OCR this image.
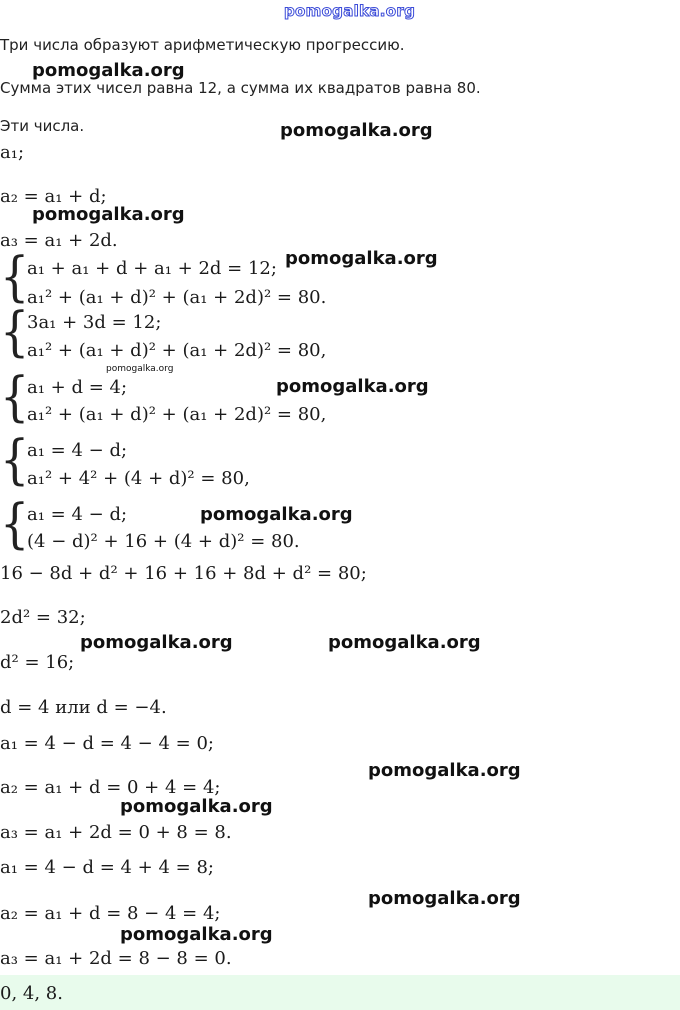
pomogalka.org
Три числа образуют арифметическую прогрессию.
Сумма этих чисел равна 12, а сумма их квадратов равна 80.
Эти числа.
a₁;
a₂ = a₁ + d;
a₃ = a₁ + 2d.
{
a₁ + a₁ + d + a₁ + 2d = 12;
a₁² + (a₁ + d)² + (a₁ + 2d)² = 80.
{
3a₁ + 3d = 12;
a₁² + (a₁ + d)² + (a₁ + 2d)² = 80,
{
a₁ + d = 4;
a₁² + (a₁ + d)² + (a₁ + 2d)² = 80,
{
a₁ = 4 − d;
a₁² + 4² + (4 + d)² = 80,
{
a₁ = 4 − d;
(4 − d)² + 16 + (4 + d)² = 80.
16 − 8d + d² + 16 + 16 + 8d + d² = 80;
2d² = 32;
d² = 16;
d = 4 или d = −4.
a₁ = 4 − d = 4 − 4 = 0;
a₂ = a₁ + d = 0 + 4 = 4;
a₃ = a₁ + 2d = 0 + 8 = 8.
a₁ = 4 − d = 4 + 4 = 8;
a₂ = a₁ + d = 8 − 4 = 4;
a₃ = a₁ + 2d = 8 − 8 = 0.
0, 4, 8.
pomogalka.org
pomogalka.org
pomogalka.org
pomogalka.org
pomogalka.org
pomogalka.org
pomogalka.org
pomogalka.org	pomogalka.org
pomogalka.org
pomogalka.org
pomogalka.org
pomogalka.org
